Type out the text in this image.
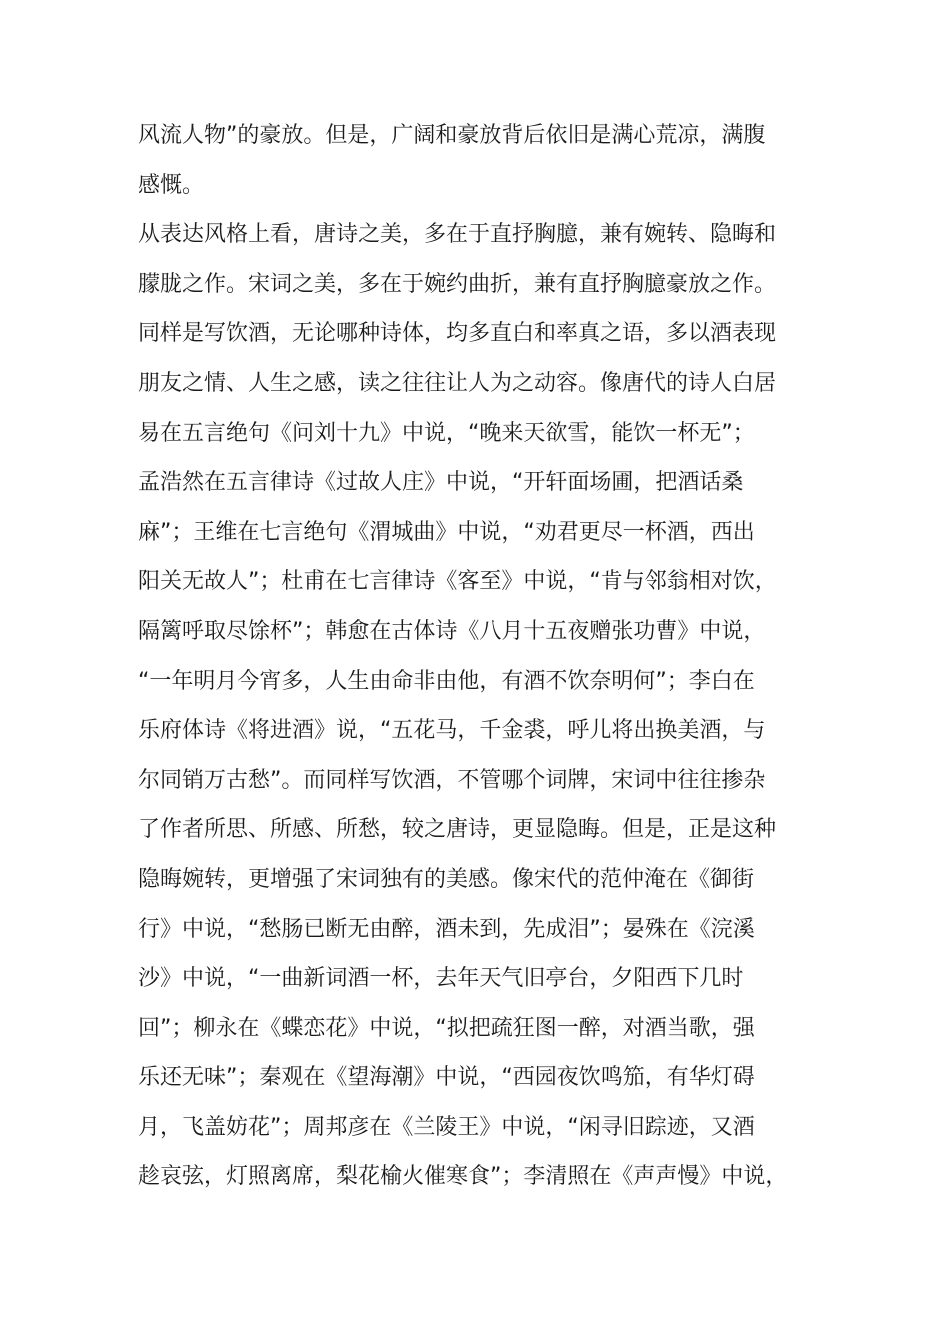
风流人物”的豪放。但是，广阔和豪放背后依旧是满心荒凉，满腹
感慨。
从表达风格上看，唐诗之美，多在于直抒胸臆，兼有婉转、隐晦和
朦胧之作。宋词之美，多在于婉约曲折，兼有直抒胸臆豪放之作。
同样是写饮酒，无论哪种诗体，均多直白和率真之语，多以酒表现
朋友之情、人生之感，读之往往让人为之动容。像唐代的诗人白居
易在五言绝句《问刘十九》中说，“晚来天欲雪，能饮一杯无”；
孟浩然在五言律诗《过故人庄》中说，“开轩面场圃，把酒话桑
麻”；王维在七言绝句《渭城曲》中说，“劝君更尽一杯酒，西出
阳关无故人”；杜甫在七言律诗《客至》中说，“肯与邻翁相对饮，
隔篱呼取尽馀杯”；韩愈在古体诗《八月十五夜赠张功曹》中说，
“一年明月今宵多，人生由命非由他，有酒不饮奈明何”；李白在
乐府体诗《将进酒》说，“五花马，千金裘，呼儿将出换美酒，与
尔同销万古愁”。而同样写饮酒，不管哪个词牌，宋词中往往掺杂
了作者所思、所感、所愁，较之唐诗，更显隐晦。但是，正是这种
隐晦婉转，更增强了宋词独有的美感。像宋代的范仲淹在《御街
行》中说，“愁肠已断无由醉，酒未到，先成泪”；晏殊在《浣溪
沙》中说，“一曲新词酒一杯，去年天气旧亭台，夕阳西下几时
回”；柳永在《蝶恋花》中说，“拟把疏狂图一醉，对酒当歌，强
乐还无味”；秦观在《望海潮》中说，“西园夜饮鸣笳，有华灯碍
月，飞盖妨花”；周邦彦在《兰陵王》中说，“闲寻旧踪迹，又酒
趁哀弦，灯照离席，梨花榆火催寒食”；李清照在《声声慢》中说，
